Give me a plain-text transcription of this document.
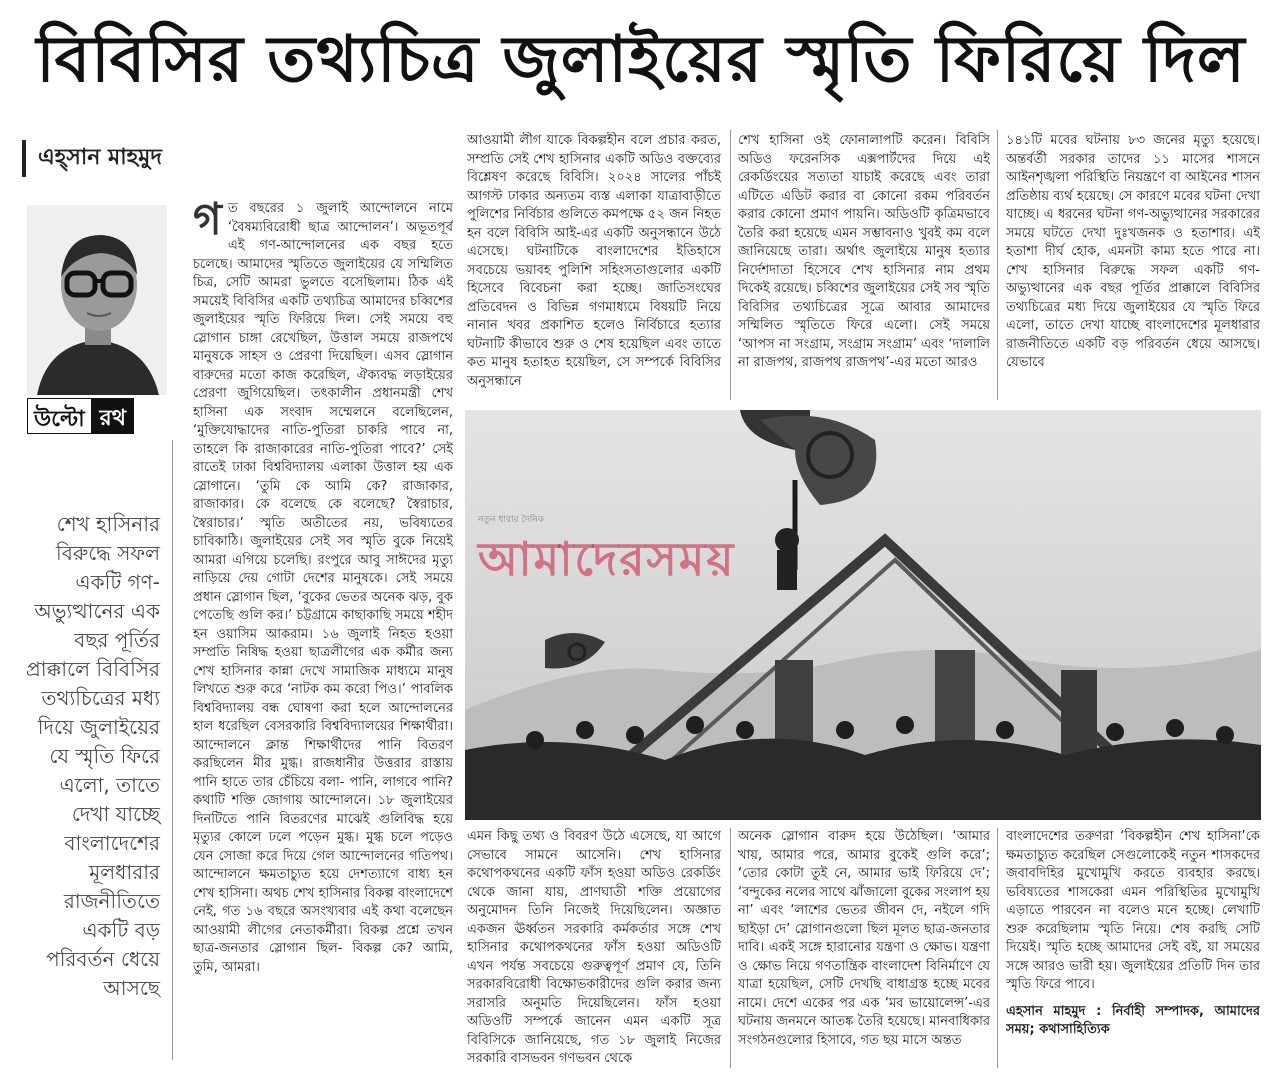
বিবিসির তথ্যচিত্র জুলাইয়ের স্মৃতি ফিরিয়ে দিল
এহ্‌সান মাহমুদ
উল্টো রথ
শেখ হাসিনার বিরুদ্ধে সফল একটি গণ-অভ্যুত্থানের এক বছর পূর্তির প্রাক্কালে বিবিসির তথ্যচিত্রের মধ্য দিয়ে জুলাইয়ের যে স্মৃতি ফিরে এলো, তাতে দেখা যাচ্ছে বাংলাদেশের মূলধারার রাজনীতিতে একটি বড় পরিবর্তন ধেয়ে আসছে

গ ত বছরের ১ জুলাই আন্দোলনে নামে ‘বৈষম্যবিরোধী ছাত্র আন্দোলন’। অভূতপূর্ব এই গণ-আন্দোলনের এক বছর হতে চলেছে। আমাদের স্মৃতিতে জুলাইয়ের যে সম্মিলিত চিত্র, সেটি আমরা ভুলতে বসেছিলাম। ঠিক এই সময়েই বিবিসির একটি তথ্যচিত্র আমাদের চব্বিশের জুলাইয়ের স্মৃতি ফিরিয়ে দিল। সেই সময়ে বহু স্লোগান চাঙ্গা রেখেছিল, উত্তাল সময়ে রাজপথে মানুষকে সাহস ও প্রেরণা দিয়েছিল। এসব স্লোগান বারুদের মতো কাজ করেছিল, ঐক্যবদ্ধ লড়াইয়ের প্রেরণা জুগিয়েছিল। তৎকালীন প্রধানমন্ত্রী শেখ হাসিনা এক সংবাদ সম্মেলনে বলেছিলেন, ‘মুক্তিযোদ্ধাদের নাতি-পুতিরা চাকরি পাবে না, তাহলে কি রাজাকারের নাতি-পুতিরা পাবে?’ সেই রাতেই ঢাকা বিশ্ববিদ্যালয় এলাকা উত্তাল হয় এক স্লোগানে। ‘তুমি কে আমি কে? রাজাকার, রাজাকার। কে বলেছে কে বলেছে? স্বৈরাচার, স্বৈরাচার।’ স্মৃতি অতীতের নয়, ভবিষ্যতের চাবিকাঠি। জুলাইয়ের সেই সব স্মৃতি বুকে নিয়েই আমরা এগিয়ে চলেছি। রংপুরে আবু সাঈদের মৃত্যু নাড়িয়ে দেয় গোটা দেশের মানুষকে। সেই সময়ে প্রধান স্লোগান ছিল, ‘বুকের ভেতর অনেক ঝড়, বুক পেতেছি গুলি কর।’ চট্টগ্রামে কাছাকাছি সময়ে শহীদ হন ওয়াসিম আকরাম। ১৬ জুলাই নিহত হওয়া সম্প্রতি নিষিদ্ধ হওয়া ছাত্রলীগের এক কর্মীর জন্য শেখ হাসিনার কান্না দেখে সামাজিক মাধ্যমে মানুষ লিখতে শুরু করে ‘নাটক কম করো পিও।’ পাবলিক বিশ্ববিদ্যালয় বন্ধ ঘোষণা করা হলে আন্দোলনের হাল ধরেছিল বেসরকারি বিশ্ববিদ্যালয়ের শিক্ষার্থীরা। আন্দোলনে ক্লান্ত শিক্ষার্থীদের পানি বিতরণ করছিলেন মীর মুগ্ধ। রাজধানীর উত্তরার রাস্তায় পানি হাতে তার চেঁচিয়ে বলা- পানি, লাগবে পানি? কথাটি শক্তি জোগায় আন্দোলনে। ১৮ জুলাইয়ের দিনটিতে পানি বিতরণের মাঝেই গুলিবিদ্ধ হয়ে মৃত্যুর কোলে ঢলে পড়েন মুগ্ধ। মুগ্ধ চলে পড়েও যেন সোজা করে দিয়ে গেল আন্দোলনের গতিপথ। আন্দোলনে ক্ষমতাচ্যুত হয়ে দেশত্যাগে বাধ্য হন শেখ হাসিনা। অথচ শেখ হাসিনার বিকল্প বাংলাদেশে নেই, গত ১৬ বছরে অসংখ্যবার এই কথা বলেছেন আওয়ামী লীগের নেতাকর্মীরা। বিকল্প প্রশ্নে তখন ছাত্র-জনতার স্লোগান ছিল- বিকল্প কে? আমি, তুমি, আমরা।

আওয়ামী লীগ যাকে বিকল্পহীন বলে প্রচার করত, সম্প্রতি সেই শেখ হাসিনার একটি অডিও বক্তব্যের বিশ্লেষণ করেছে বিবিসি। ২০২৪ সালের পাঁচই আগস্ট ঢাকার অন্যতম ব্যস্ত এলাকা যাত্রাবাড়ীতে পুলিশের নির্বিচার গুলিতে কমপক্ষে ৫২ জন নিহত হন বলে বিবিসি আই-এর একটি অনুসন্ধানে উঠে এসেছে। ঘটনাটিকে বাংলাদেশের ইতিহাসে সবচেয়ে ভয়াবহ পুলিশি সহিংসতাগুলোর একটি হিসেবে বিবেচনা করা হচ্ছে। জাতিসংঘের প্রতিবেদন ও বিভিন্ন গণমাধ্যমে বিষয়টি নিয়ে নানান খবর প্রকাশিত হলেও নির্বিচারে হত্যার ঘটনাটি কীভাবে শুরু ও শেষ হয়েছিল এবং তাতে কত মানুষ হতাহত হয়েছিল, সে সম্পর্কে বিবিসির অনুসন্ধানে

শেখ হাসিনা ওই ফোনালাপটি করেন। বিবিসি অডিও ফরেনসিক এক্সপার্টদের দিয়ে এই রেকর্ডিংয়ের সত্যতা যাচাই করেছে এবং তারা এটিতে এডিট করার বা কোনো রকম পরিবর্তন করার কোনো প্রমাণ পায়নি। অডিওটি কৃত্রিমভাবে তৈরি করা হয়েছে এমন সম্ভাবনাও খুবই কম বলে জানিয়েছে তারা। অর্থাৎ জুলাইয়ে মানুষ হত্যার নির্দেশদাতা হিসেবে শেখ হাসিনার নাম প্রথম দিকেই রয়েছে। চব্বিশের জুলাইয়ের সেই সব স্মৃতি বিবিসির তথ্যচিত্রের সূত্রে আবার আমাদের সম্মিলিত স্মৃতিতে ফিরে এলো। সেই সময়ে ‘আপস না সংগ্রাম, সংগ্রাম সংগ্রাম’ এবং ‘দালালি না রাজপথ, রাজপথ রাজপথ’-এর মতো আরও

১৪১টি মবের ঘটনায় ৮৩ জনের মৃত্যু হয়েছে। অন্তর্বর্তী সরকার তাদের ১১ মাসের শাসনে আইনশৃঙ্খলা পরিস্থিতি নিয়ন্ত্রণে বা আইনের শাসন প্রতিষ্ঠায় ব্যর্থ হয়েছে। সে কারণে মবের ঘটনা দেখা যাচ্ছে। এ ধরনের ঘটনা গণ-অভ্যুত্থানের সরকারের সময়ে ঘটতে দেখা দুঃখজনক ও হতাশার। এই হতাশা দীর্ঘ হোক, এমনটা কাম্য হতে পারে না। শেখ হাসিনার বিরুদ্ধে সফল একটি গণ-অভ্যুত্থানের এক বছর পূর্তির প্রাক্কালে বিবিসির তথ্যচিত্রের মধ্য দিয়ে জুলাইয়ের যে স্মৃতি ফিরে এলো, তাতে দেখা যাচ্ছে বাংলাদেশের মূলধারার রাজনীতিতে একটি বড় পরিবর্তন ধেয়ে আসছে। যেভাবে

নতুন ধারার দৈনিক
আমাদেরসময়

এমন কিছু তথ্য ও বিবরণ উঠে এসেছে, যা আগে সেভাবে সামনে আসেনি। শেখ হাসিনার কথোপকথনের একটি ফাঁস হওয়া অডিও রেকর্ডিং থেকে জানা যায়, প্রাণঘাতী শক্তি প্রয়োগের অনুমোদন তিনি নিজেই দিয়েছিলেন। অজ্ঞাত একজন ঊর্ধ্বতন সরকারি কর্মকর্তার সঙ্গে শেখ হাসিনার কথোপকথনের ফাঁস হওয়া অডিওটি এখন পর্যন্ত সবচেয়ে গুরুত্বপূর্ণ প্রমাণ যে, তিনি সরকারবিরোধী বিক্ষোভকারীদের গুলি করার জন্য সরাসরি অনুমতি দিয়েছিলেন। ফাঁস হওয়া অডিওটি সম্পর্কে জানেন এমন একটি সূত্র বিবিসিকে জানিয়েছে, গত ১৮ জুলাই নিজের সরকারি বাসভবন গণভবন থেকে

অনেক স্লোগান বারুদ হয়ে উঠেছিল। ‘আমার খায়, আমার পরে, আমার বুকেই গুলি করে’; ‘তোর কোটা তুই নে, আমার ভাই ফিরিয়ে দে’; ‘বন্দুকের নলের সাথে ঝাঁজালো বুকের সংলাপ হয় না’ এবং ‘লাশের ভেতর জীবন দে, নইলে গদি ছাইড়া দে’ স্লোগানগুলো ছিল মূলত ছাত্র-জনতার দাবি। একই সঙ্গে হারানোর যন্ত্রণা ও ক্ষোভ। যন্ত্রণা ও ক্ষোভ নিয়ে গণতান্ত্রিক বাংলাদেশ বিনির্মাণে যে যাত্রা হয়েছিল, সেটি দেখছি বাধাগ্রস্ত হচ্ছে মবের নামে। দেশে একের পর এক ‘মব ভায়োলেন্স’-এর ঘটনায় জনমনে আতঙ্ক তৈরি হয়েছে। মানবাধিকার সংগঠনগুলোর হিসাবে, গত ছয় মাসে অন্তত

বাংলাদেশের তরুণরা ‘বিকল্পহীন শেখ হাসিনা’কে ক্ষমতাচ্যুত করেছিল সেগুলোকেই নতুন শাসকদের জবাবদিহির মুখোমুখি করতে ব্যবহার করছে। ভবিষ্যতের শাসকেরা এমন পরিস্থিতির মুখোমুখি এড়াতে পারবেন না বলেও মনে হচ্ছে। লেখাটি শুরু করেছিলাম স্মৃতি নিয়ে। শেষ করছি সেটি দিয়েই। স্মৃতি হচ্ছে আমাদের সেই বই, যা সময়ের সঙ্গে আরও ভারী হয়। জুলাইয়ের প্রতিটি দিন তার স্মৃতি ফিরে পাবে।

এহসান মাহমুদ : নির্বাহী সম্পাদক, আমাদের সময়; কথাসাহিত্যিক
